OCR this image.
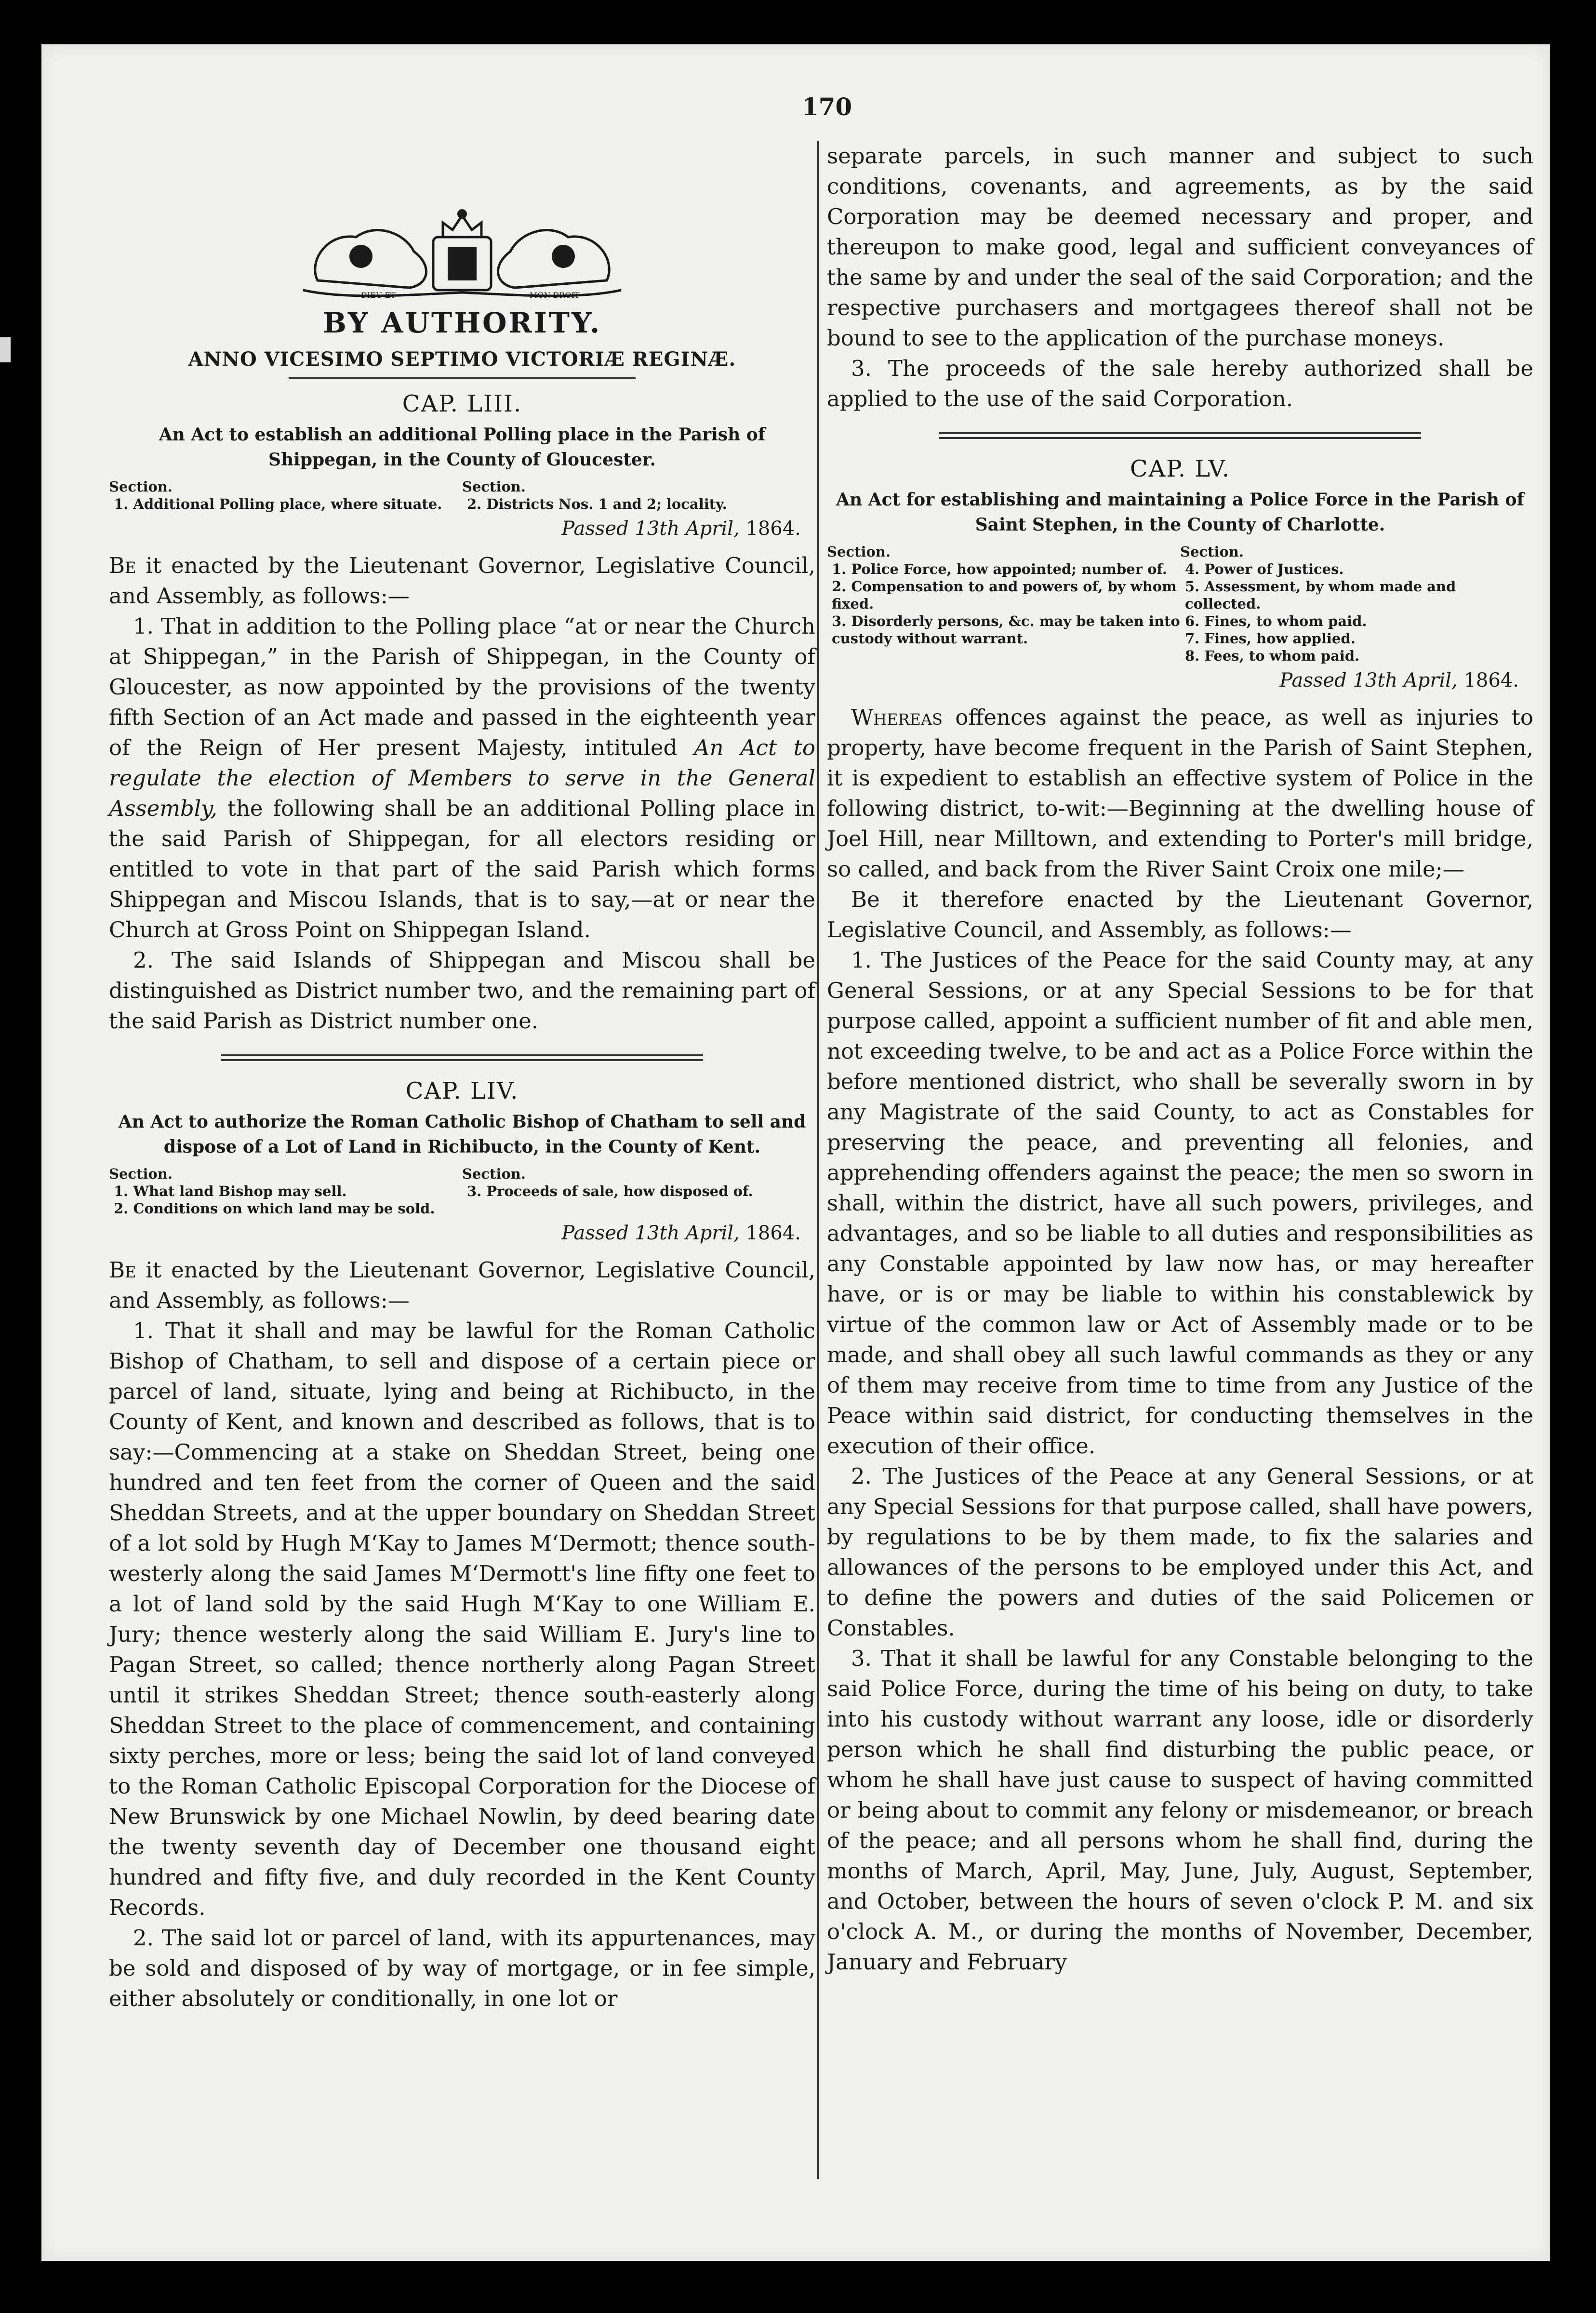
170
DIEU ET	MON DROIT
BY AUTHORITY.
ANNO VICESIMO SEPTIMO VICTORIÆ REGINÆ.
CAP. LIII.
An Act to establish an additional Polling place in the Parish of Shippegan, in the County of Gloucester.
Section.
1. Additional Polling place, where situate.
Section.
2. Districts Nos. 1 and 2; locality.
Passed 13th April, 1864.

Be it enacted by the Lieutenant Governor, Legislative Council, and Assembly, as follows:—

1. That in addition to the Polling place “at or near the Church at Shippegan,” in the Parish of Shippegan, in the County of Gloucester, as now appointed by the provisions of the twenty fifth Section of an Act made and passed in the eighteenth year of the Reign of Her present Majesty, intituled An Act to regulate the election of Members to serve in the General Assembly, the following shall be an additional Polling place in the said Parish of Shippegan, for all electors residing or entitled to vote in that part of the said Parish which forms Shippegan and Miscou Islands, that is to say,—at or near the Church at Gross Point on Shippegan Island.

2. The said Islands of Shippegan and Miscou shall be distinguished as District number two, and the remaining part of the said Parish as District number one.

CAP. LIV.
An Act to authorize the Roman Catholic Bishop of Chatham to sell and dispose of a Lot of Land in Richibucto, in the County of Kent.
Section.
1. What land Bishop may sell.
2. Conditions on which land may be sold.
Section.
3. Proceeds of sale, how disposed of.
Passed 13th April, 1864.

Be it enacted by the Lieutenant Governor, Legislative Council, and Assembly, as follows:—

1. That it shall and may be lawful for the Roman Catholic Bishop of Chatham, to sell and dispose of a certain piece or parcel of land, situate, lying and being at Richibucto, in the County of Kent, and known and described as follows, that is to say:—Commencing at a stake on Sheddan Street, being one hundred and ten feet from the corner of Queen and the said Sheddan Streets, and at the upper boundary on Sheddan Street of a lot sold by Hugh M‘Kay to James M‘Dermott; thence south-westerly along the said James M‘Dermott's line fifty one feet to a lot of land sold by the said Hugh M‘Kay to one William E. Jury; thence westerly along the said William E. Jury's line to Pagan Street, so called; thence northerly along Pagan Street until it strikes Sheddan Street; thence south-easterly along Sheddan Street to the place of commencement, and containing sixty perches, more or less; being the said lot of land conveyed to the Roman Catholic Episcopal Corporation for the Diocese of New Brunswick by one Michael Nowlin, by deed bearing date the twenty seventh day of December one thousand eight hundred and fifty five, and duly recorded in the Kent County Records.

2. The said lot or parcel of land, with its appurtenances, may be sold and disposed of by way of mortgage, or in fee simple, either absolutely or conditionally, in one lot or

separate parcels, in such manner and subject to such conditions, covenants, and agreements, as by the said Corporation may be deemed necessary and proper, and thereupon to make good, legal and sufficient conveyances of the same by and under the seal of the said Corporation; and the respective purchasers and mortgagees thereof shall not be bound to see to the application of the purchase moneys.

3. The proceeds of the sale hereby authorized shall be applied to the use of the said Corporation.

CAP. LV.
An Act for establishing and maintaining a Police Force in the Parish of Saint Stephen, in the County of Charlotte.
Section.
1. Police Force, how appointed; number of.
2. Compensation to and powers of, by whom fixed.
3. Disorderly persons, &c. may be taken into custody without warrant.
Section.
4. Power of Justices.
5. Assessment, by whom made and collected.
6. Fines, to whom paid.
7. Fines, how applied.
8. Fees, to whom paid.
Passed 13th April, 1864.

Whereas offences against the peace, as well as injuries to property, have become frequent in the Parish of Saint Stephen, it is expedient to establish an effective system of Police in the following district, to-wit:—Beginning at the dwelling house of Joel Hill, near Milltown, and extending to Porter's mill bridge, so called, and back from the River Saint Croix one mile;—

Be it therefore enacted by the Lieutenant Governor, Legislative Council, and Assembly, as follows:—

1. The Justices of the Peace for the said County may, at any General Sessions, or at any Special Sessions to be for that purpose called, appoint a sufficient number of fit and able men, not exceeding twelve, to be and act as a Police Force within the before mentioned district, who shall be severally sworn in by any Magistrate of the said County, to act as Constables for preserving the peace, and preventing all felonies, and apprehending offenders against the peace; the men so sworn in shall, within the district, have all such powers, privileges, and advantages, and so be liable to all duties and responsibilities as any Constable appointed by law now has, or may hereafter have, or is or may be liable to within his constablewick by virtue of the common law or Act of Assembly made or to be made, and shall obey all such lawful commands as they or any of them may receive from time to time from any Justice of the Peace within said district, for conducting themselves in the execution of their office.

2. The Justices of the Peace at any General Sessions, or at any Special Sessions for that purpose called, shall have powers, by regulations to be by them made, to fix the salaries and allowances of the persons to be employed under this Act, and to define the powers and duties of the said Policemen or Constables.

3. That it shall be lawful for any Constable belonging to the said Police Force, during the time of his being on duty, to take into his custody without warrant any loose, idle or disorderly person which he shall find disturbing the public peace, or whom he shall have just cause to suspect of having committed or being about to commit any felony or misdemeanor, or breach of the peace; and all persons whom he shall find, during the months of March, April, May, June, July, August, September, and October, between the hours of seven o'clock P. M. and six o'clock A. M., or during the months of November, December, January and February
